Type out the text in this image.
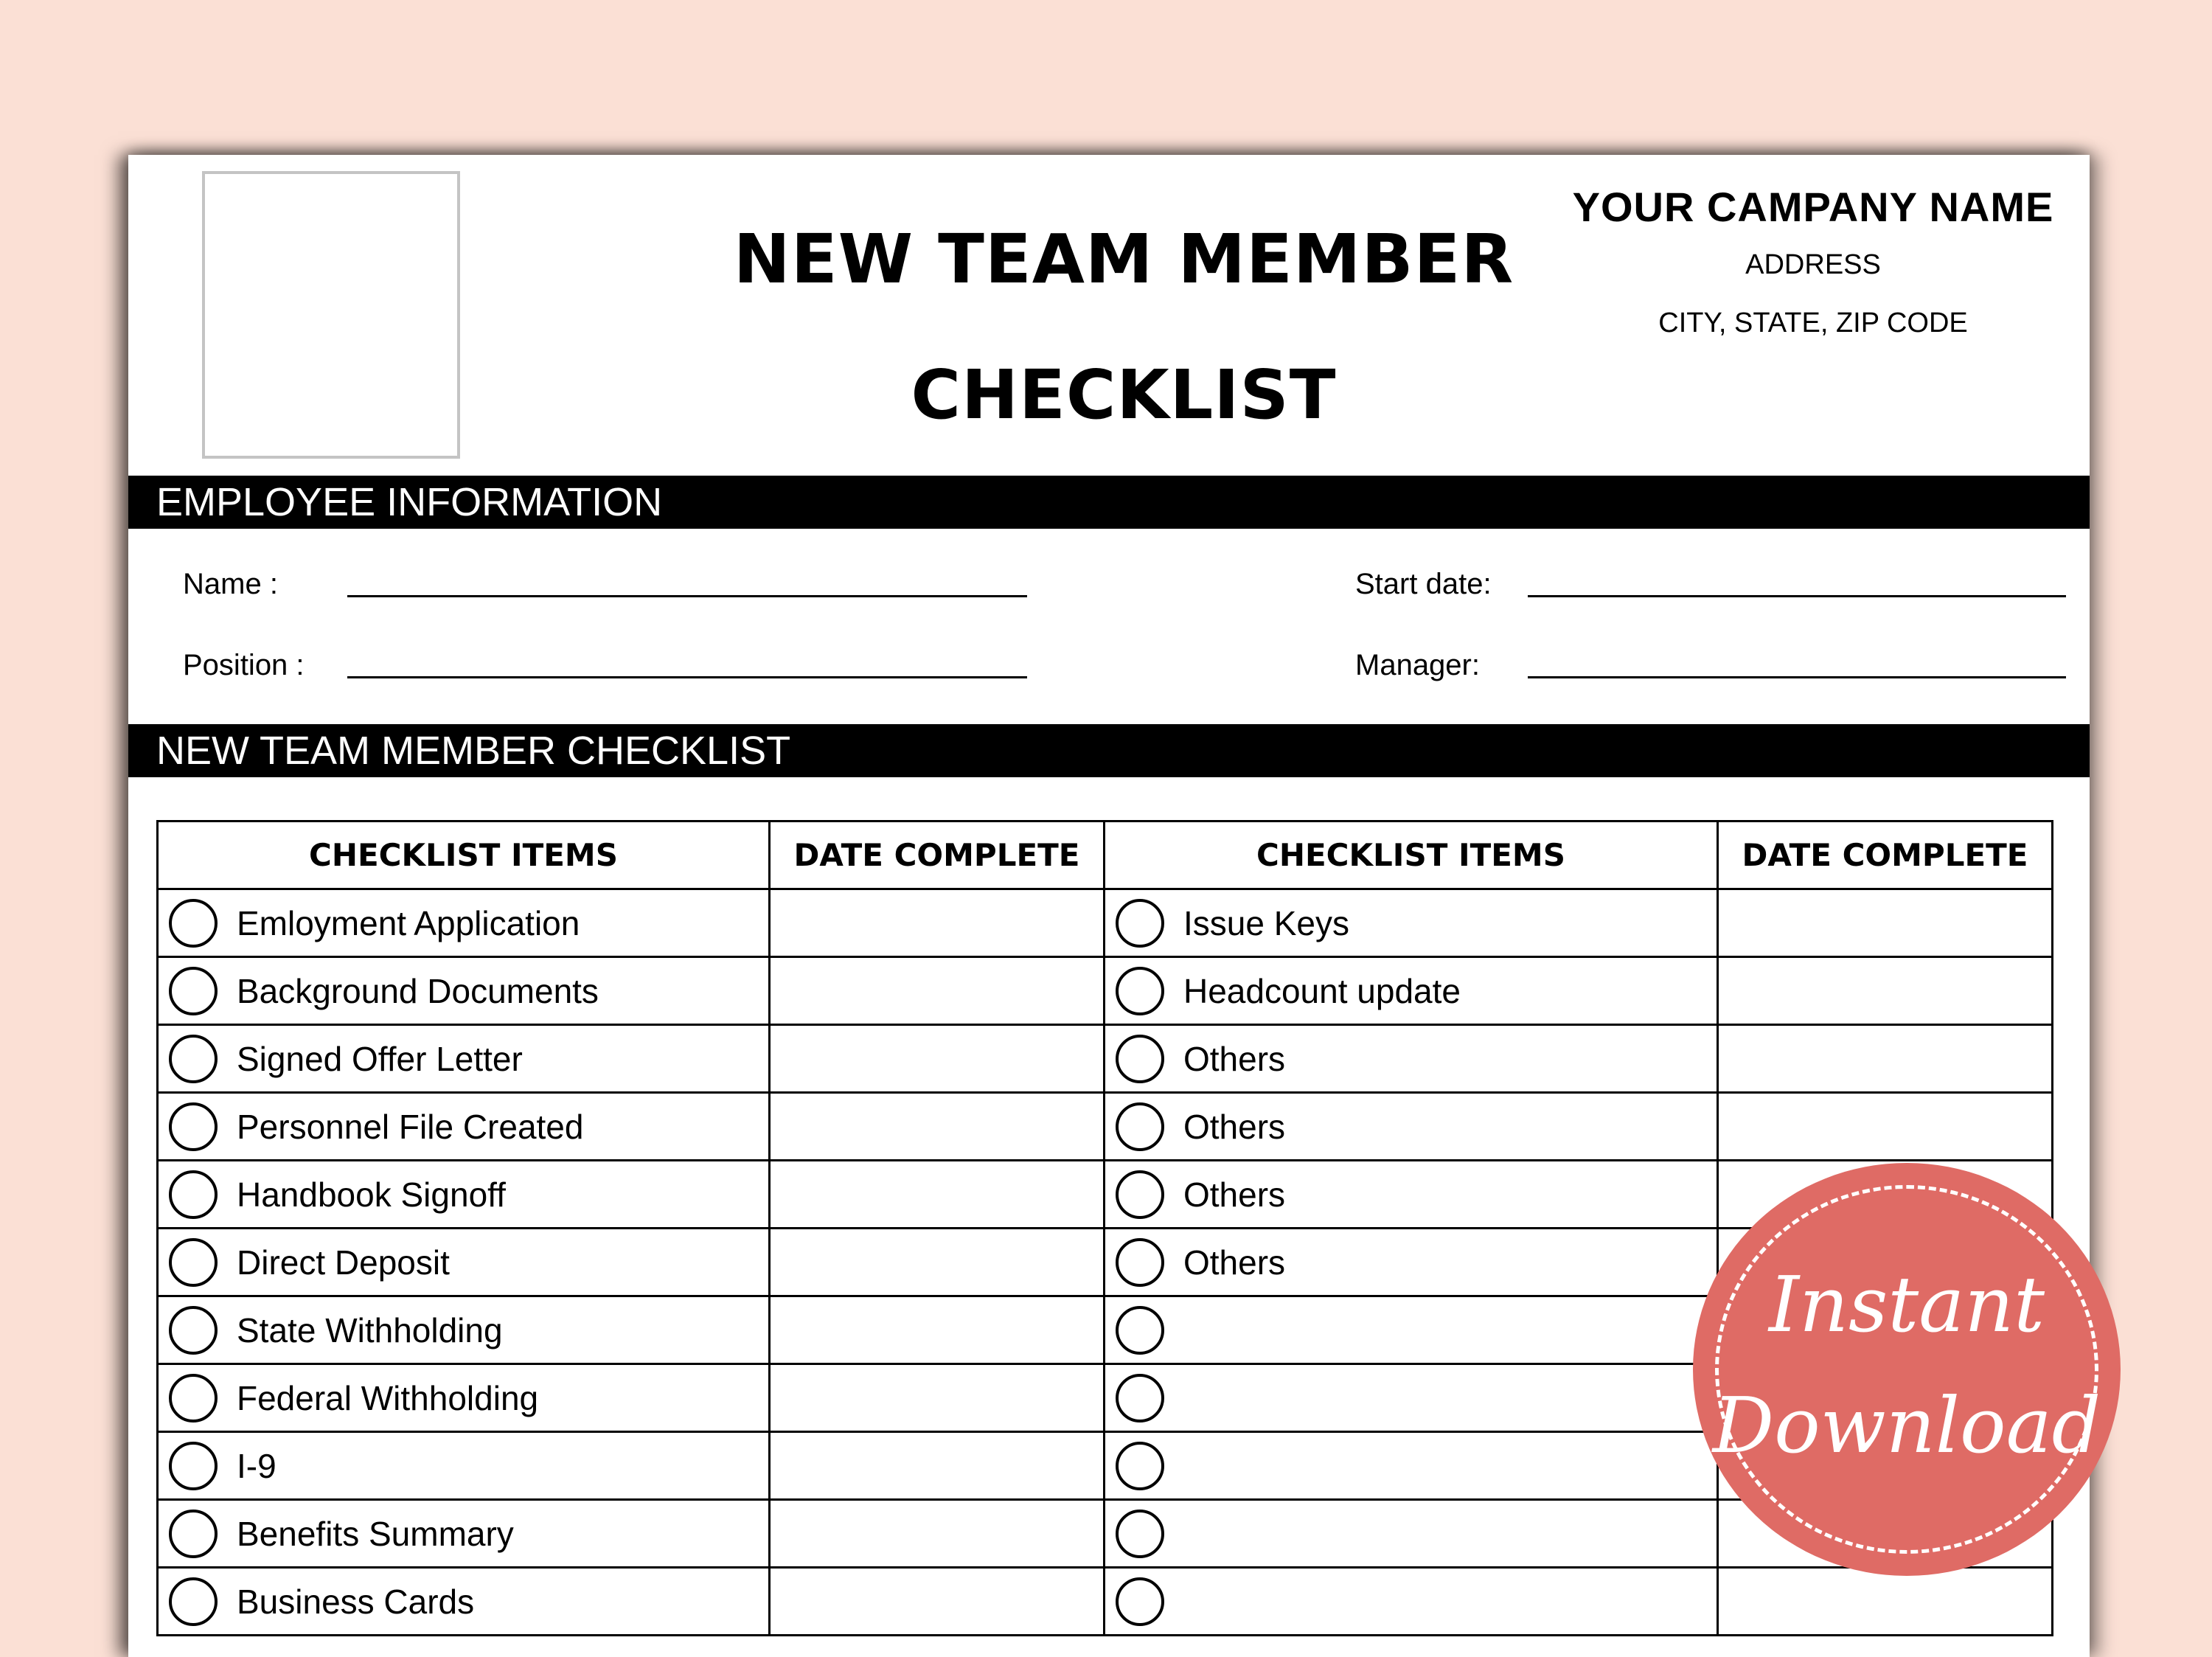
NEW TEAM MEMBER
CHECKLIST
YOUR CAMPANY NAME
ADDRESS
CITY, STATE, ZIP CODE
EMPLOYEE INFORMATION
Name :
Position :
Start date:
Manager:
NEW TEAM MEMBER CHECKLIST
CHECKLIST ITEMS	DATE COMPLETE	CHECKLIST ITEMS	DATE COMPLETE

Emloyment Application		Issue Keys	

Background Documents		Headcount update	

Signed Offer Letter		Others	

Personnel File Created		Others	

Handbook Signoff		Others	

Direct Deposit		Others	

State Withholding			

Federal Withholding			

I-9			

Benefits Summary			

Business Cards			

Instant
Download
